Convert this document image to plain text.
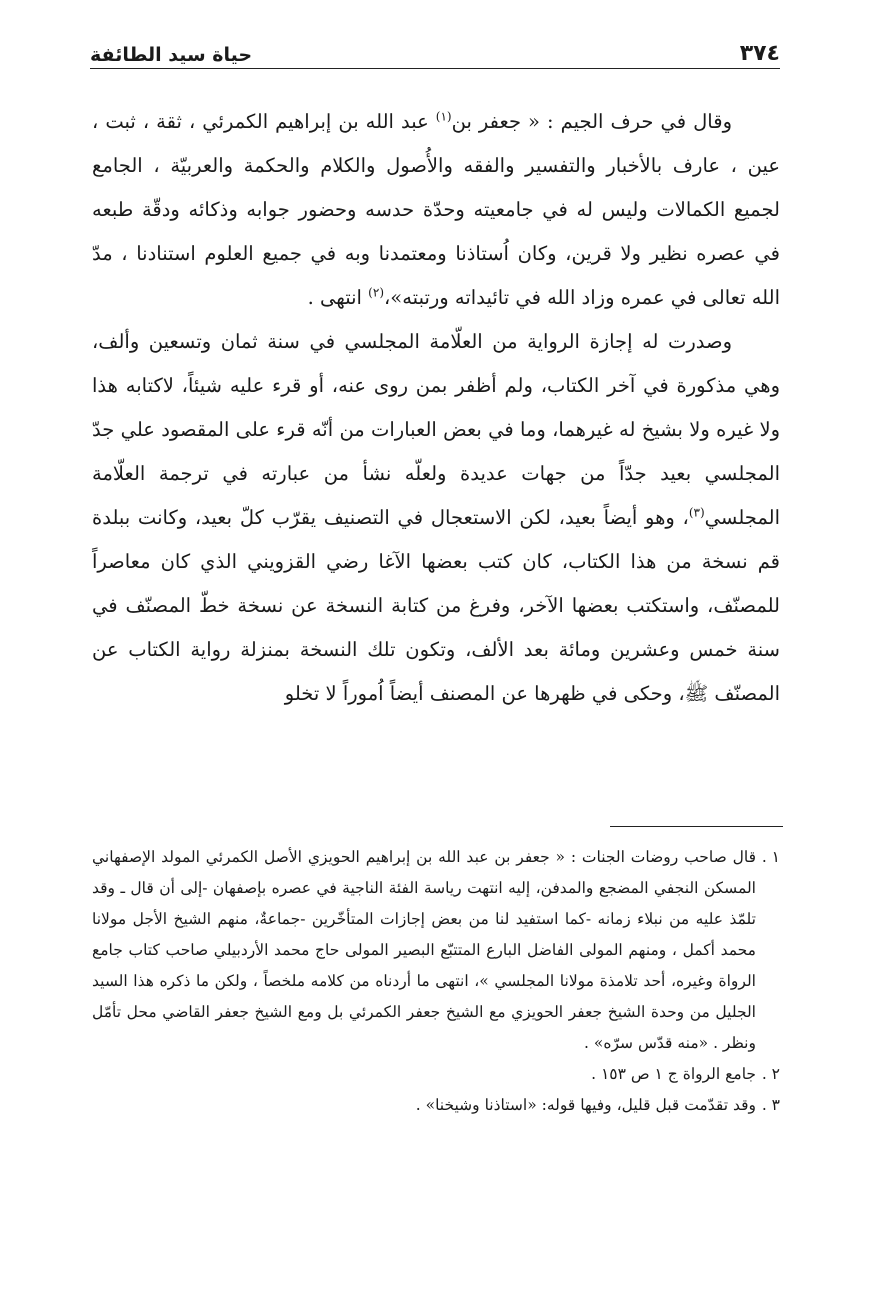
٣٧٤
حياة سيد الطائفة

وقال في حرف الجيم : « جعفر بن$^{(١)}$ عبد الله بن إبراهيم الكمرئي ، ثقة ، ثبت ، عين ، عارف بالأخبار والتفسير والفقه والأُصول والكلام والحكمة والعربيّة ، الجامع لجميع الكمالات وليس له في جامعيته وحدّة حدسه وحضور جوابه وذكائه ودقّة طبعه في عصره نظير ولا قرين، وكان اُستاذنا ومعتمدنا وبه في جميع العلوم استنادنا ، مدّ الله تعالى في عمره وزاد الله في تائيداته ورتبته»،$^{(٢)}$ انتهى .

وصدرت له إجازة الرواية من العلّامة المجلسي في سنة ثمان وتسعين وألف، وهي مذكورة في آخر الكتاب، ولم أظفر بمن روى عنه، أو قرء عليه شيئاً، لاكتابه هذا ولا غيره ولا بشيخ له غيرهما، وما في بعض العبارات من أنّه قرء على المقصود علي جدّ المجلسي بعيد جدّاً من جهات عديدة ولعلّه نشأ من عبارته في ترجمة العلّامة المجلسي$^{(٣)}$، وهو أيضاً بعيد، لكن الاستعجال في التصنيف يقرّب كلّ بعيد، وكانت ببلدة قم نسخة من هذا الكتاب، كان كتب بعضها الآغا رضي القزويني الذي كان معاصراً للمصنّف، واستكتب بعضها الآخر، وفرغ من كتابة النسخة عن نسخة خطّ المصنّف في سنة خمس وعشرين ومائة بعد الألف، وتكون تلك النسخة بمنزلة رواية الكتاب عن المصنّف ﷺ، وحكى في ظهرها عن المصنف أيضاً اُموراً لا تخلو

١ .
قال صاحب روضات الجنات : « جعفر بن عبد الله بن إبراهيم الحويزي الأصل الكمرئي المولد الإصفهاني المسكن النجفي المضجع والمدفن، إليه انتهت رياسة الفئة الناجية في عصره بإصفهان -إلى أن قال ـ وقد تلمّذ عليه من نبلاء زمانه -كما استفيد لنا من بعض إجازات المتأخّرين -جماعةٌ، منهم الشيخ الأجل مولانا محمد أكمل ، ومنهم المولى الفاضل البارع المتتبّع البصير المولى حاج محمد الأردبيلي صاحب كتاب جامع الرواة وغيره، أحد تلامذة مولانا المجلسي »، انتهى ما أردناه من كلامه ملخصاً ، ولكن ما ذكره هذا السيد الجليل من وحدة الشيخ جعفر الحويزي مع الشيخ جعفر الكمرئي بل ومع الشيخ جعفر القاضي محل تأمّل ونظر . «منه قدّس سرّه» .
٢ .
جامع الرواة ج ١ ص ١٥٣ .
٣ .
وقد تقدّمت قبل قليل، وفيها قوله: «استاذنا وشيخنا» .
